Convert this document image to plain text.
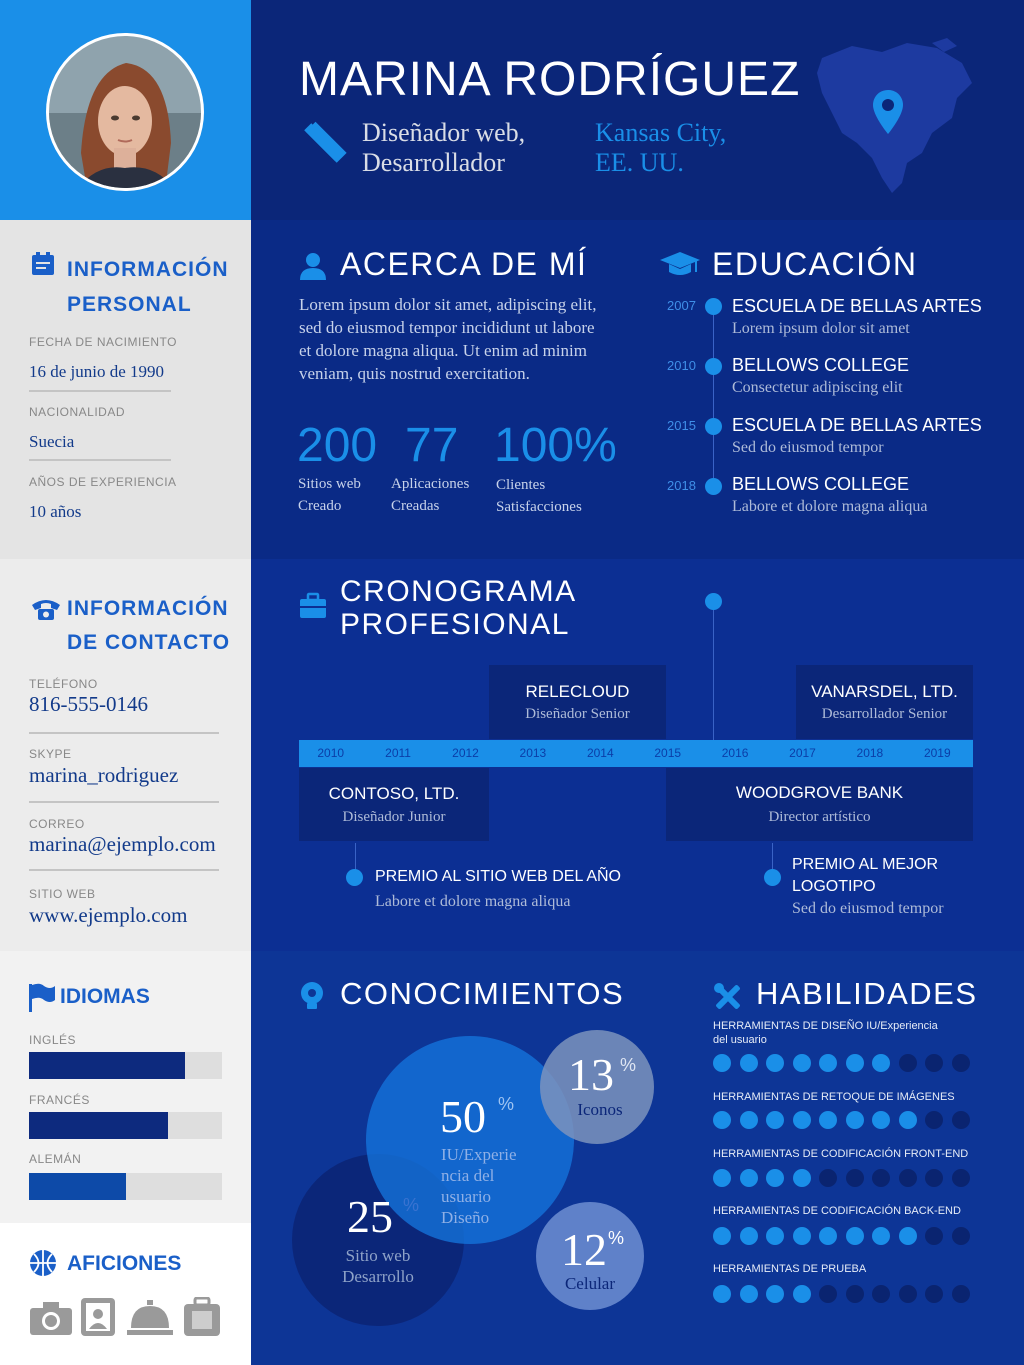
MARINA RODRÍGUEZ
Diseñador web,
Desarrollador
Kansas City,
EE. UU.
INFORMACIÓN
PERSONAL
FECHA DE NACIMIENTO
16 de junio de 1990
NACIONALIDAD
Suecia
AÑOS DE EXPERIENCIA
10 años
INFORMACIÓN
DE CONTACTO
TELÉFONO
816-555-0146
SKYPE
marina_rodriguez
CORREO
marina@ejemplo.com
SITIO WEB
www.ejemplo.com
IDIOMAS
INGLÉS
FRANCÉS
ALEMÁN
AFICIONES
ACERCA DE MÍ
Lorem ipsum dolor sit amet, adipiscing elit, sed do eiusmod tempor incididunt ut labore et dolore magna aliqua. Ut enim ad minim veniam, quis nostrud exercitation.
200
Sitios web
Creado
77
Aplicaciones
Creadas
100%
Clientes
Satisfacciones
EDUCACIÓN
2007 ESCUELA DE BELLAS ARTES
Lorem ipsum dolor sit amet
2010 BELLOWS COLLEGE
Consectetur adipiscing elit
2015 ESCUELA DE BELLAS ARTES
Sed do eiusmod tempor
2018 BELLOWS COLLEGE
Labore et dolore magna aliqua
CRONOGRAMA
PROFESIONAL
RELECLOUD
Diseñador Senior
VANARSDEL, LTD.
Desarrollador Senior
2010	2011	2012	2013	2014	2015	2016	2017	2018	2019
CONTOSO, LTD.
Diseñador Junior
WOODGROVE BANK
Director artístico
PREMIO AL SITIO WEB DEL AÑO
Labore et dolore magna aliqua
PREMIO AL MEJOR
LOGOTIPO
Sed do eiusmod tempor
CONOCIMIENTOS
50 %
IU/Experie
ncia del
usuario
Diseño
25 %
Sitio web
Desarrollo
13 %
Iconos
12 %
Celular
HABILIDADES
HERRAMIENTAS DE DISEÑO IU/Experiencia
del usuario
HERRAMIENTAS DE RETOQUE DE IMÁGENES
HERRAMIENTAS DE CODIFICACIÓN FRONT-END
HERRAMIENTAS DE CODIFICACIÓN BACK-END
HERRAMIENTAS DE PRUEBA
